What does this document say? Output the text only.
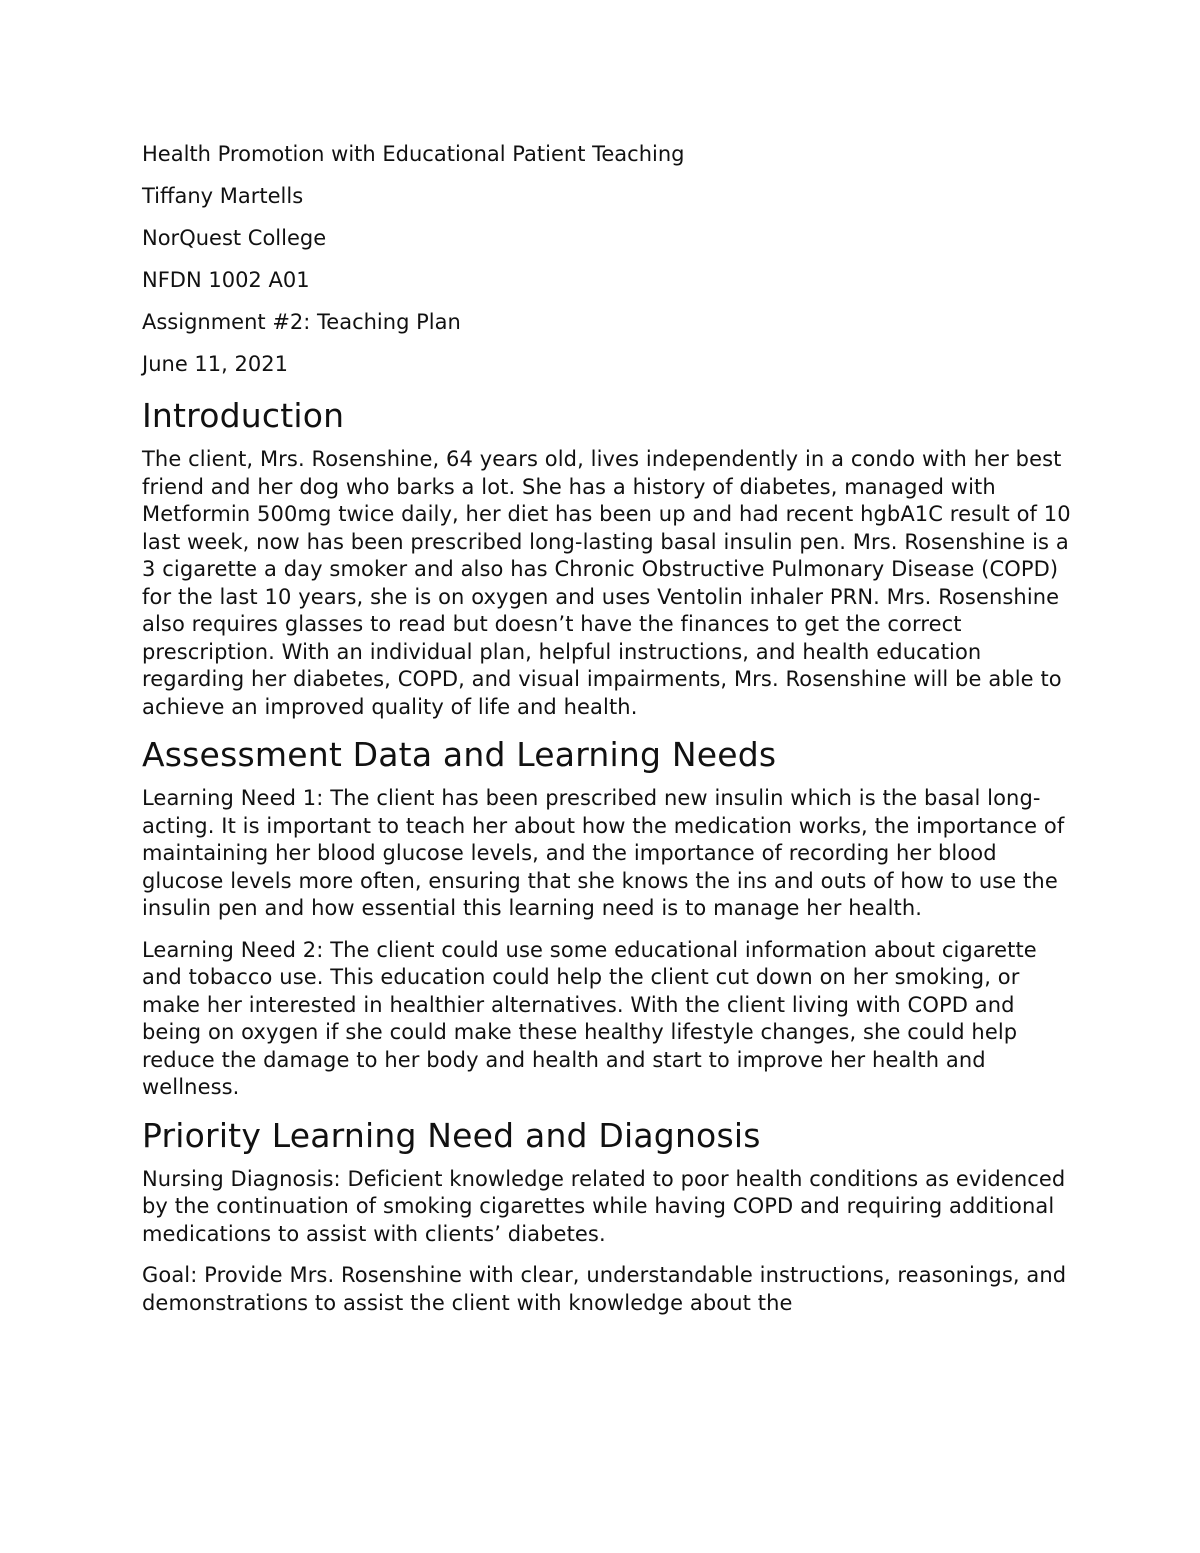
Health Promotion with Educational Patient Teaching
Tiffany Martells
NorQuest College
NFDN 1002 A01
Assignment #2: Teaching Plan
June 11, 2021
Introduction

The client, Mrs. Rosenshine, 64 years old, lives independently in a condo with her best friend and her dog who barks a lot. She has a history of diabetes, managed with Metformin 500mg twice daily, her diet has been up and had recent hgbA1C result of 10 last week, now has been prescribed long-lasting basal insulin pen. Mrs. Rosenshine is a 3 cigarette a day smoker and also has Chronic Obstructive Pulmonary Disease (COPD) for the last 10 years, she is on oxygen and uses Ventolin inhaler PRN. Mrs. Rosenshine also requires glasses to read but doesn’t have the finances to get the correct prescription. With an individual plan, helpful instructions, and health education regarding her diabetes, COPD, and visual impairments, Mrs. Rosenshine will be able to achieve an improved quality of life and health.

Assessment Data and Learning Needs

Learning Need 1: The client has been prescribed new insulin which is the basal long-acting. It is important to teach her about how the medication works, the importance of maintaining her blood glucose levels, and the importance of recording her blood glucose levels more often, ensuring that she knows the ins and outs of how to use the insulin pen and how essential this learning need is to manage her health.

Learning Need 2: The client could use some educational information about cigarette and tobacco use. This education could help the client cut down on her smoking, or make her interested in healthier alternatives. With the client living with COPD and being on oxygen if she could make these healthy lifestyle changes, she could help reduce the damage to her body and health and start to improve her health and wellness.

Priority Learning Need and Diagnosis

Nursing Diagnosis: Deficient knowledge related to poor health conditions as evidenced by the continuation of smoking cigarettes while having COPD and requiring additional medications to assist with clients’ diabetes.

Goal: Provide Mrs. Rosenshine with clear, understandable instructions, reasonings, and demonstrations to assist the client with knowledge about the
